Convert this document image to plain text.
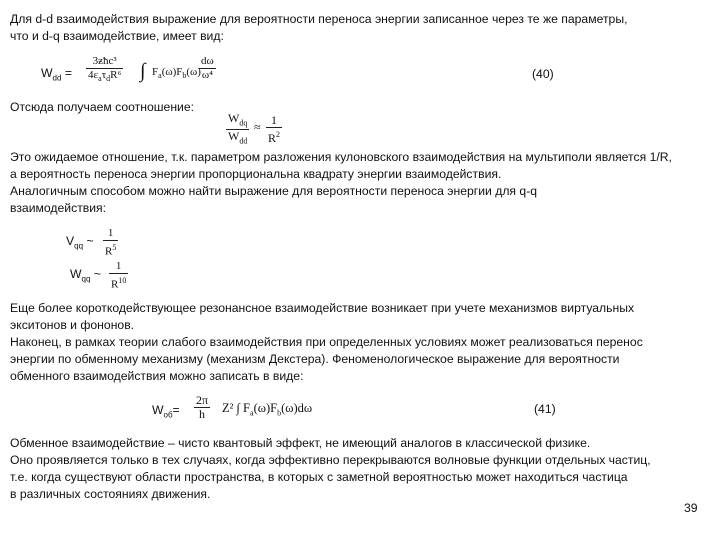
Для d-d взаимодействия выражение для вероятности переноса энергии записанное через те же параметры,
что и d-q взаимодействие, имеет вид:
$W_{dd}$ =
3ƶħc³
$4\varepsilon_a\tau_dR^6$ ∫ $F_a(\omega)F_b(\omega)$
$\frac{d\omega}{\text{ω⁴}}$	(40)
Отсюда получаем соотношение:
$W_{dq}$
$W_{dd}$
≈ $\frac{1}{R^2}$
Это ожидаемое отношение, т.к. параметром разложения кулоновского взаимодействия на мультиполи является 1/R,
а вероятность переноса энергии пропорциональна квадрату энергии взаимодействия.
Аналогичным способом можно найти выражение для вероятности переноса энергии для q-q
взаимодействия:
$V_{qq}$ ~ $\frac{1}{R^5}$
$W_{qq}$ ~ $\frac{1}{R^{10}}$
Еще более короткодействующее резонансное взаимодействие возникает при учете механизмов виртуальных
экситонов и фононов.
Наконец, в рамках теории слабого взаимодействия при определенных условиях может реализоваться перенос
энергии по обменному механизму (механизм Декстера). Феноменологическое выражение для вероятности
обменного взаимодействия можно записать в виде:
$W_{об}= \frac{2\pi}{h} Z^2$ ∫ $F_a(\omega)F_b(\omega)d\omega$	(41)
Обменное взаимодействие – чисто квантовый эффект, не имеющий аналогов в классической физике.
Оно проявляется только в тех случаях, когда эффективно перекрываются волновые функции отдельных частиц,
т.е. когда существуют области пространства, в которых с заметной вероятностью может находиться частица
в различных состояниях движения.
39
